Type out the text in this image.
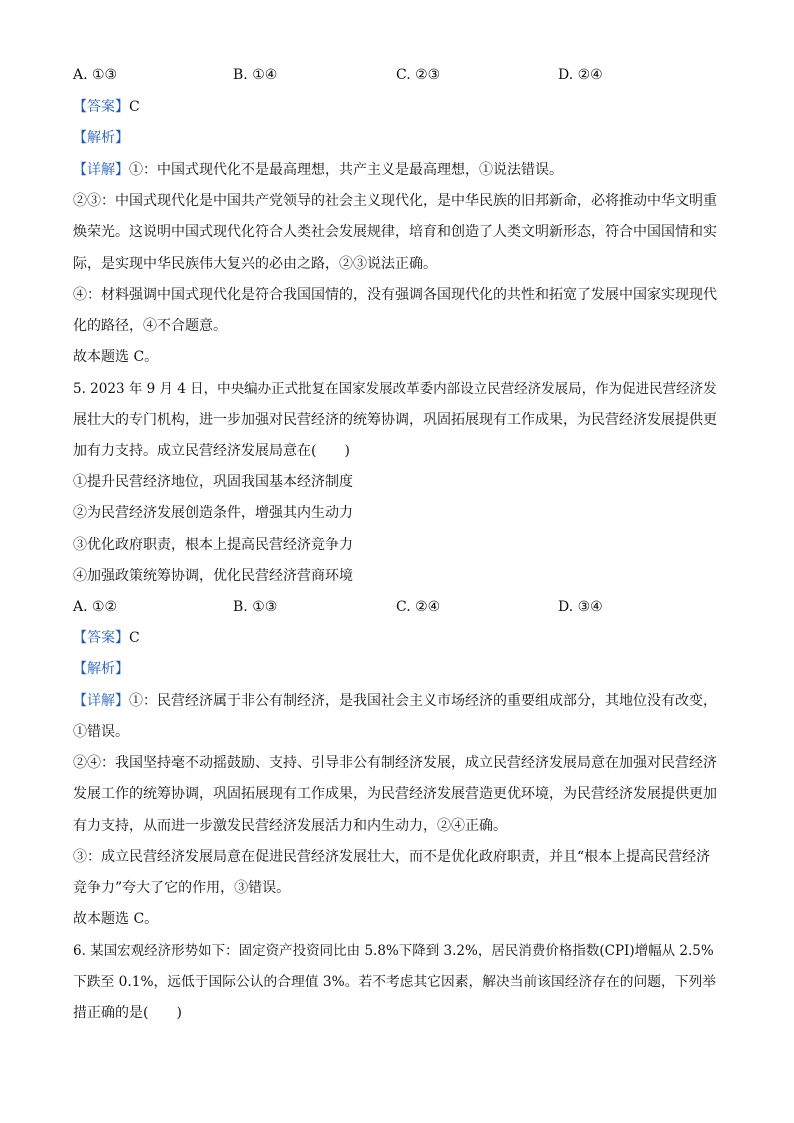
A. ①③	B. ①④	C. ②③	D. ②④
【答案】C
【解析】
【详解】①：中国式现代化不是最高理想，共产主义是最高理想，①说法错误。
②③：中国式现代化是中国共产党领导的社会主义现代化，是中华民族的旧邦新命，必将推动中华文明重
焕荣光。这说明中国式现代化符合人类社会发展规律，培育和创造了人类文明新形态，符合中国国情和实
际，是实现中华民族伟大复兴的必由之路，②③说法正确。
④：材料强调中国式现代化是符合我国国情的，没有强调各国现代化的共性和拓宽了发展中国家实现现代
化的路径，④不合题意。
故本题选 C。
5. 2023 年 9 月 4 日，中央编办正式批复在国家发展改革委内部设立民营经济发展局，作为促进民营经济发
展壮大的专门机构，进一步加强对民营经济的统筹协调，巩固拓展现有工作成果，为民营经济发展提供更
加有力支持。成立民营经济发展局意在(　　)
①提升民营经济地位，巩固我国基本经济制度
②为民营经济发展创造条件，增强其内生动力
③优化政府职责，根本上提高民营经济竞争力
④加强政策统筹协调，优化民营经济营商环境
A. ①②	B. ①③	C. ②④	D. ③④
【答案】C
【解析】
【详解】①：民营经济属于非公有制经济，是我国社会主义市场经济的重要组成部分，其地位没有改变，
①错误。
②④：我国坚持毫不动摇鼓励、支持、引导非公有制经济发展，成立民营经济发展局意在加强对民营经济
发展工作的统筹协调，巩固拓展现有工作成果，为民营经济发展营造更优环境，为民营经济发展提供更加
有力支持，从而进一步激发民营经济发展活力和内生动力，②④正确。
③：成立民营经济发展局意在促进民营经济发展壮大，而不是优化政府职责，并且“根本上提高民营经济
竞争力”夸大了它的作用，③错误。
故本题选 C。
6. 某国宏观经济形势如下：固定资产投资同比由 5.8%下降到 3.2%，居民消费价格指数(CPI)增幅从 2.5%
下跌至 0.1%，远低于国际公认的合理值 3%。若不考虑其它因素，解决当前该国经济存在的问题，下列举
措正确的是(　　)
